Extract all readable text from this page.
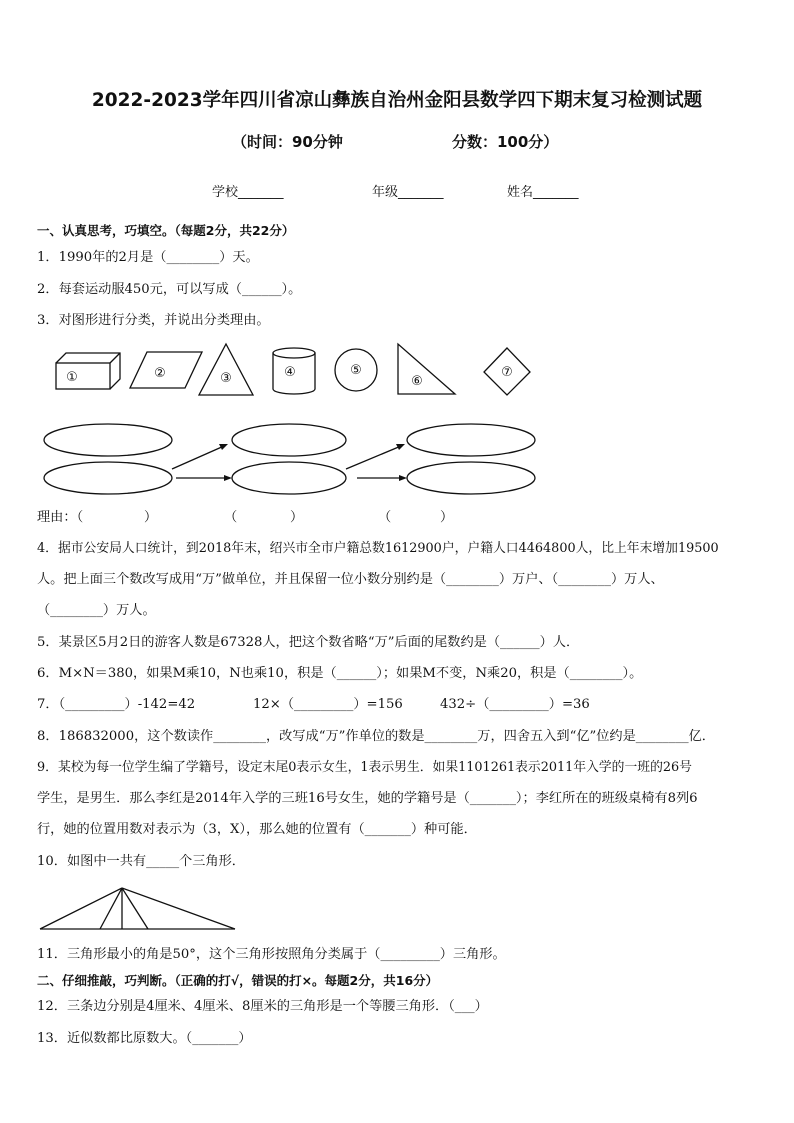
2022-2023学年四川省凉山彝族自治州金阳县数学四下期末复习检测试题
（时间：90分钟	分数：100分）
学校_______	年级_______	姓名_______
一、认真思考，巧填空。（每题2分，共22分）
1．1990年的2月是（________）天。
2．每套运动服450元，可以写成（______）。
3．对图形进行分类，并说出分类理由。
①	②	③	④	⑤
⑥
⑦
理由：（	）	（	）	（	）
4．据市公安局人口统计，到2018年末，绍兴市全市户籍总数1612900户，户籍人口4464800人，比上年末增加19500
人。把上面三个数改写成用“万”做单位，并且保留一位小数分别约是（________）万户、（________）万人、
（________）万人。
5．某景区5月2日的游客人数是67328人，把这个数省略“万”后面的尾数约是（______）人．
6．M×N＝380，如果M乘10，N也乘10，积是（______）；如果M不变，N乘20，积是（________）。
7．（_________）-142=42	12×（_________）=156	432÷（_________）=36
8．186832000，这个数读作________，改写成“万”作单位的数是________万，四舍五入到“亿”位约是________亿．
9．某校为每一位学生编了学籍号，设定末尾0表示女生，1表示男生．如果1101261表示2011年入学的一班的26号
学生，是男生．那么李红是2014年入学的三班16号女生，她的学籍号是（_______）；李红所在的班级桌椅有8列6
行，她的位置用数对表示为（3，X），那么她的位置有（_______）种可能．
10．如图中一共有_____个三角形．
11．三角形最小的角是50°，这个三角形按照角分类属于（_________）三角形。
二、仔细推敲，巧判断。（正确的打√，错误的打×。每题2分，共16分）
12．三条边分别是4厘米、4厘米、8厘米的三角形是一个等腰三角形．（___）
13．近似数都比原数大。（_______）
